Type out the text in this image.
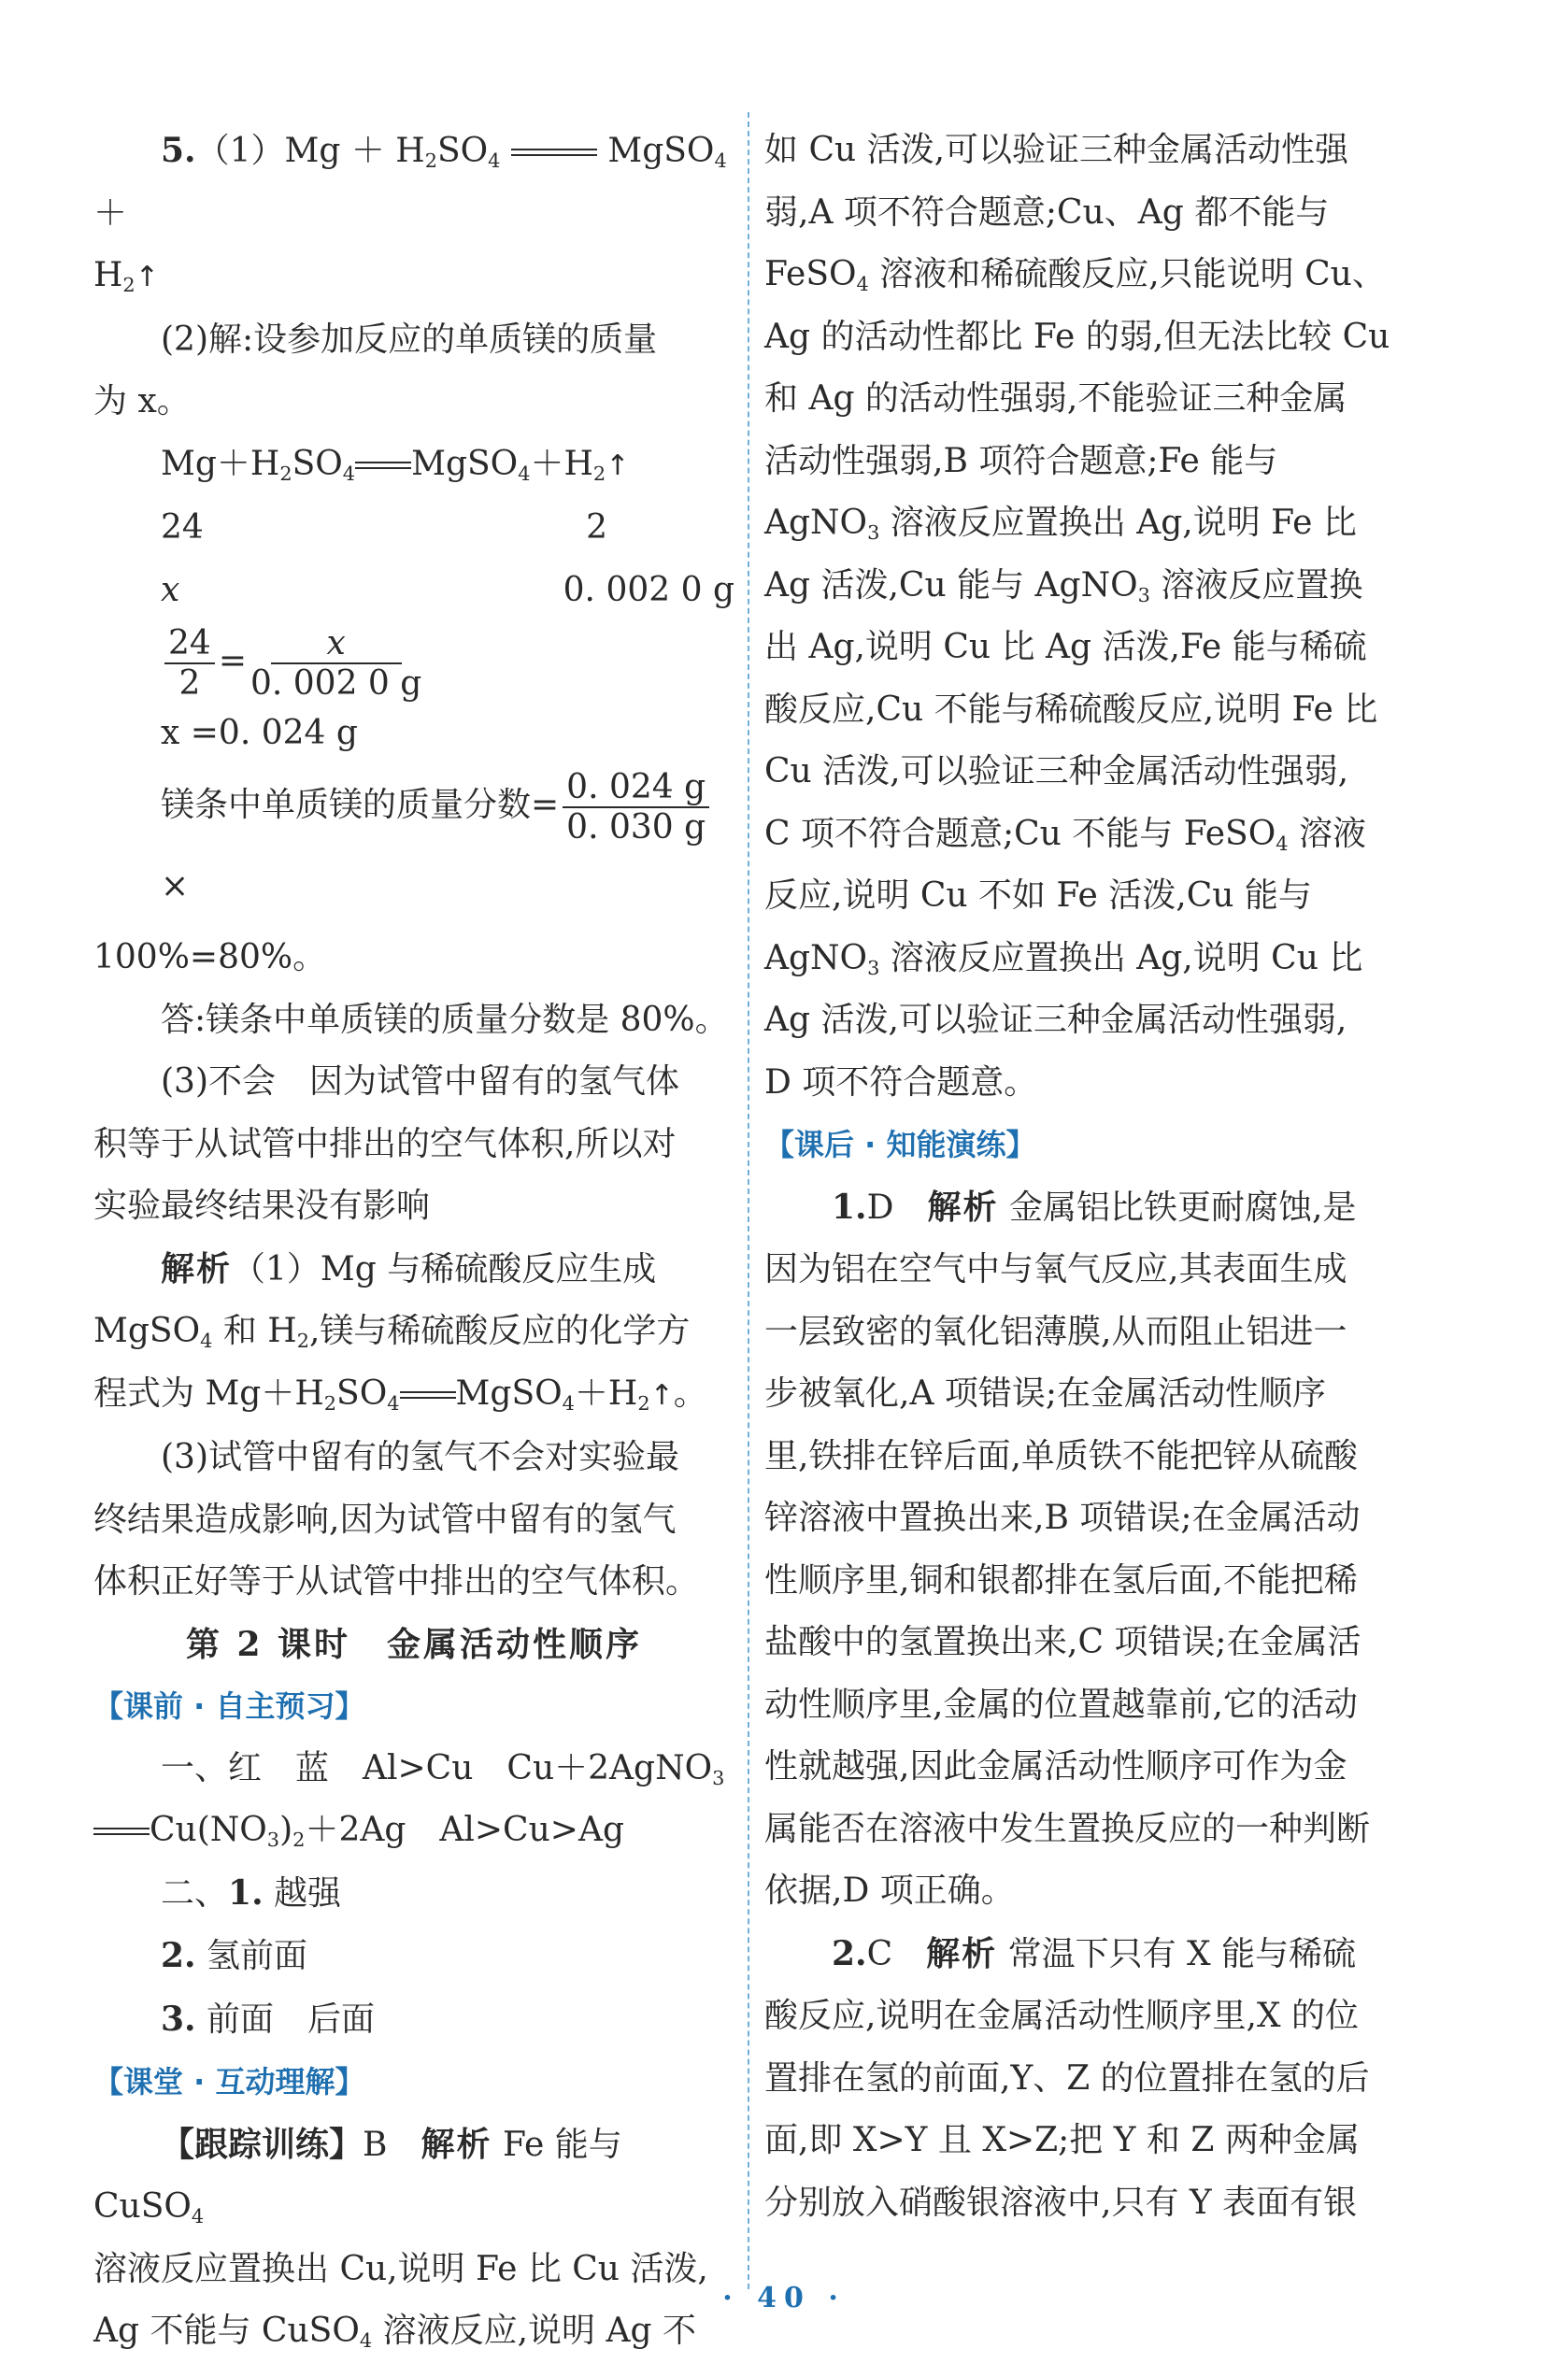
$5.(1)Mg + H_2SO_4$	MgSO$_4$ ＋

$H_2↑$

(2)解:设参加反应的单质镁的质量

为 x。

$Mg+H_2SO_4$ $MgSO_4+H_2↑$

24	2
x	0. 002 0 g

$\frac{24}{2} = \frac{x}{0. 002 0 g}$

x =0. 024 g

镁条中单质镁的质量分数= $\frac{0. 024 g}{0. 030 g}$
×

100%=80%。

答:镁条中单质镁的质量分数是 80%。

(3)不会　因为试管中留有的氢气体

积等于从试管中排出的空气体积,所以对

实验最终结果没有影响

解析（1）Mg 与稀硫酸反应生成

MgSO$_4$ 和 $H_2$,镁与稀硫酸反应的化学方

程式为 $Mg+H_2SO_4$ $MgSO_4+H_2↑$。

(3)试管中留有的氢气不会对实验最

终结果造成影响,因为试管中留有的氢气

体积正好等于从试管中排出的空气体积。

第 2 课时　金属活动性顺序

【课前 · 自主预习】

一、红　蓝　Al>Cu　Cu＋2AgNO$_3$

$Cu(NO_3)_2+2Ag$　Al>Cu>Ag

二、1. 越强

2. 氢前面

3. 前面　后面

【课堂 · 互动理解】

【跟踪训练】B　 解析 Fe 能与 CuSO$_4$

溶液反应置换出 Cu,说明 Fe 比 Cu 活泼,

Ag 不能与 CuSO$_4$ 溶液反应,说明 Ag 不

如 Cu 活泼,可以验证三种金属活动性强

弱,A 项不符合题意;Cu、Ag 都不能与

FeSO$_4$ 溶液和稀硫酸反应,只能说明 Cu、

Ag 的活动性都比 Fe 的弱,但无法比较 Cu

和 Ag 的活动性强弱,不能验证三种金属

活动性强弱,B 项符合题意;Fe 能与

AgNO$_3$ 溶液反应置换出 Ag,说明 Fe 比

Ag 活泼,Cu 能与 AgNO$_3$ 溶液反应置换

出 Ag,说明 Cu 比 Ag 活泼,Fe 能与稀硫

酸反应,Cu 不能与稀硫酸反应,说明 Fe 比

Cu 活泼,可以验证三种金属活动性强弱,

C 项不符合题意;Cu 不能与 FeSO$_4$ 溶液

反应,说明 Cu 不如 Fe 活泼,Cu 能与

AgNO$_3$ 溶液反应置换出 Ag,说明 Cu 比

Ag 活泼,可以验证三种金属活动性强弱,

D 项不符合题意。

【课后 · 知能演练】

1.D　 解析 金属铝比铁更耐腐蚀,是

因为铝在空气中与氧气反应,其表面生成

一层致密的氧化铝薄膜,从而阻止铝进一

步被氧化,A 项错误;在金属活动性顺序

里,铁排在锌后面,单质铁不能把锌从硫酸

锌溶液中置换出来,B 项错误;在金属活动

性顺序里,铜和银都排在氢后面,不能把稀

盐酸中的氢置换出来,C 项错误;在金属活

动性顺序里,金属的位置越靠前,它的活动

性就越强,因此金属活动性顺序可作为金

属能否在溶液中发生置换反应的一种判断

依据,D 项正确。

2.C　 解析 常温下只有 X 能与稀硫

酸反应,说明在金属活动性顺序里,X 的位

置排在氢的前面,Y、Z 的位置排在氢的后

面,即 X>Y 且 X>Z;把 Y 和 Z 两种金属

分别放入硝酸银溶液中,只有 Y 表面有银

· 40 ·
